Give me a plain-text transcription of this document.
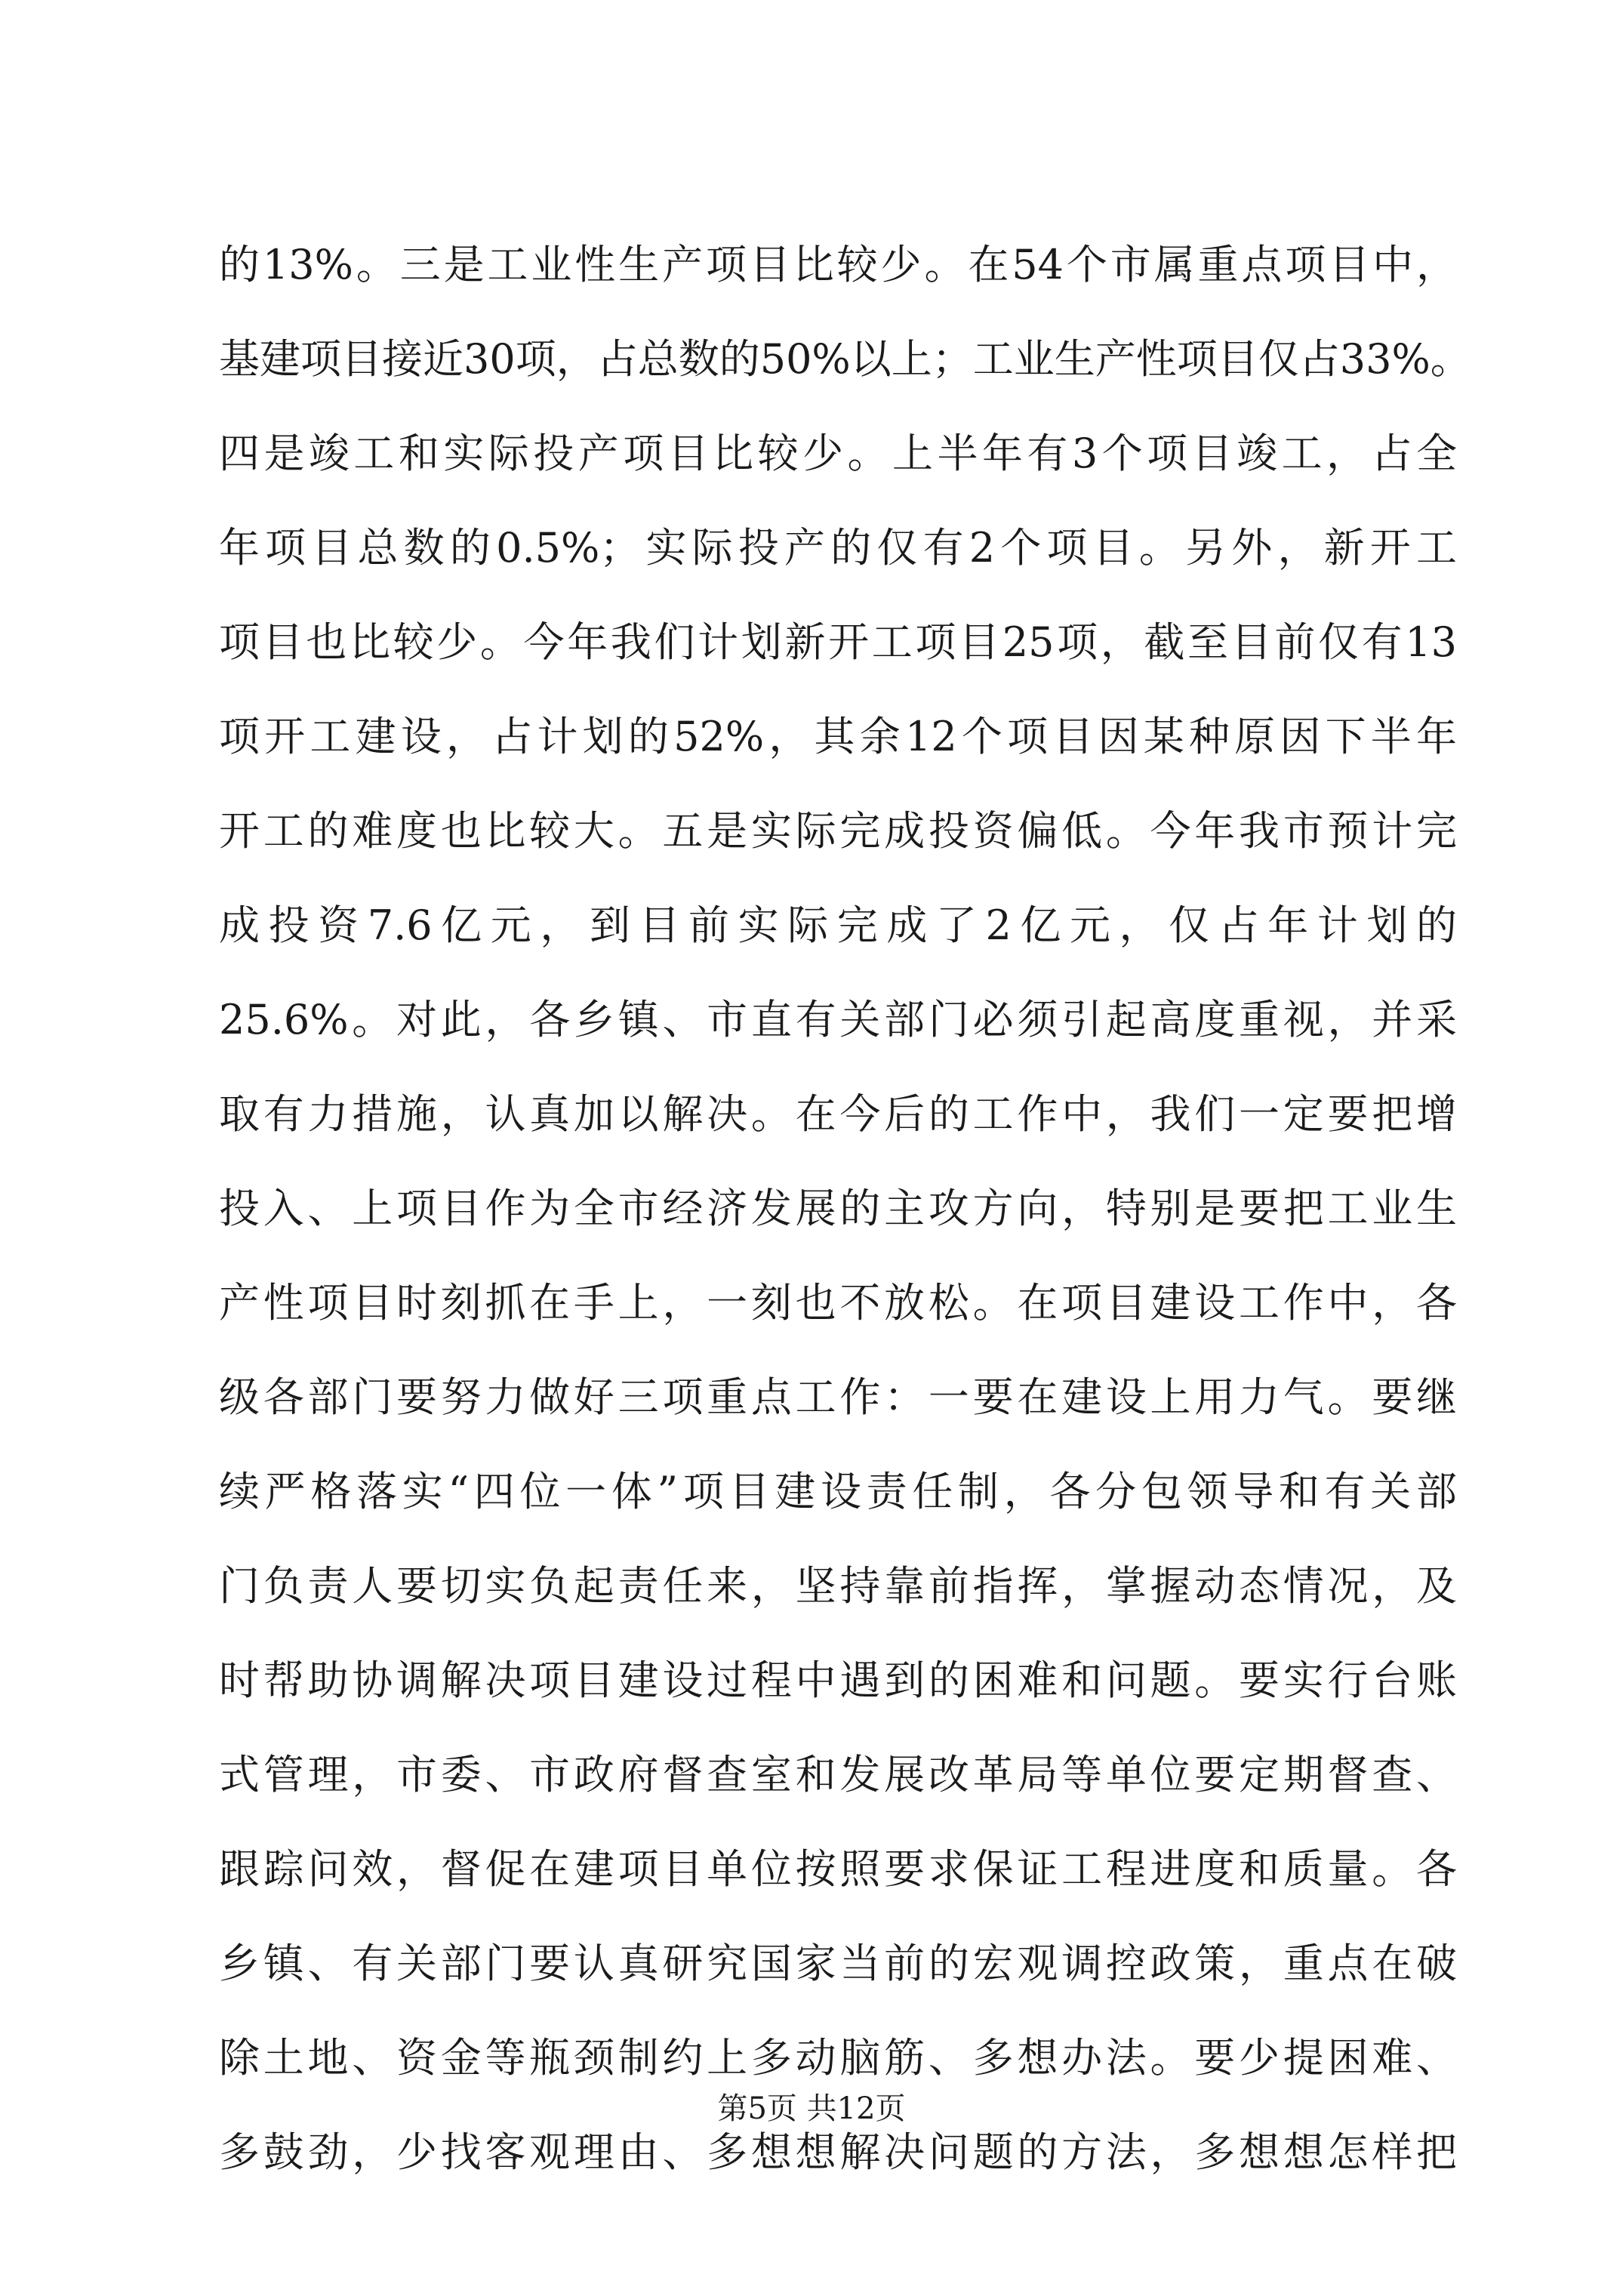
的13%。三是工业性生产项目比较少。在54个市属重点项目中，
基建项目接近30项，占总数的50%以上；工业生产性项目仅占33%。
四是竣工和实际投产项目比较少。上半年有3个项目竣工，占全
年项目总数的0.5%；实际投产的仅有2个项目。另外，新开工
项目也比较少。今年我们计划新开工项目25项，截至目前仅有13
项开工建设，占计划的52%，其余12个项目因某种原因下半年
开工的难度也比较大。五是实际完成投资偏低。今年我市预计完
成投资7.6亿元，到目前实际完成了2亿元，仅占年计划的
25.6%。对此，各乡镇、市直有关部门必须引起高度重视，并采
取有力措施，认真加以解决。在今后的工作中，我们一定要把增
投入、上项目作为全市经济发展的主攻方向，特别是要把工业生
产性项目时刻抓在手上，一刻也不放松。在项目建设工作中，各
级各部门要努力做好三项重点工作：一要在建设上用力气。要继
续严格落实“四位一体”项目建设责任制，各分包领导和有关部
门负责人要切实负起责任来，坚持靠前指挥，掌握动态情况，及
时帮助协调解决项目建设过程中遇到的困难和问题。要实行台账
式管理，市委、市政府督查室和发展改革局等单位要定期督查、
跟踪问效，督促在建项目单位按照要求保证工程进度和质量。各
乡镇、有关部门要认真研究国家当前的宏观调控政策，重点在破
除土地、资金等瓶颈制约上多动脑筋、多想办法。要少提困难、
多鼓劲，少找客观理由、多想想解决问题的方法，多想想怎样把
第5页 共12页
